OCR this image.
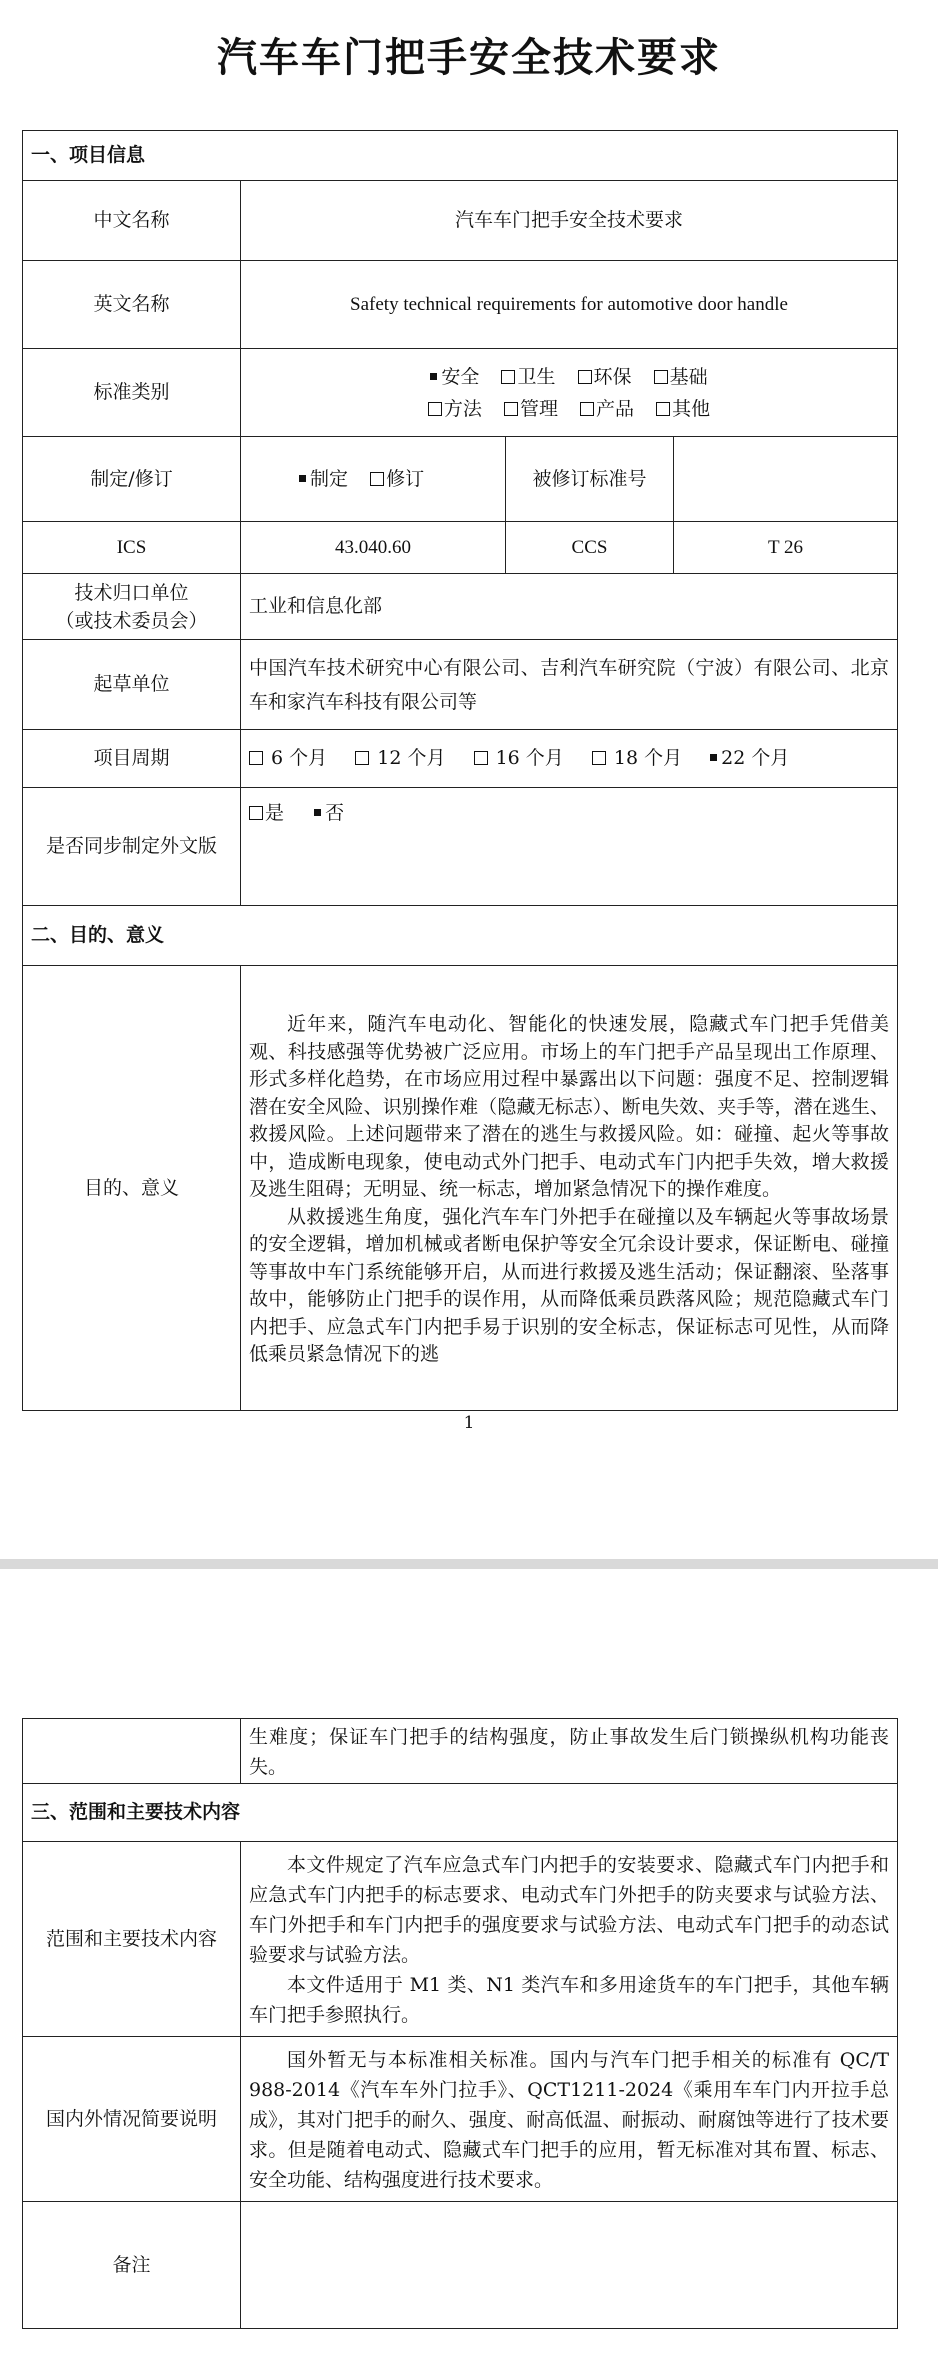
汽车车门把手安全技术要求
一、项目信息			
中文名称	汽车车门把手安全技术要求		
英文名称	Safety technical requirements for automotive door handle		
标准类别	安全 卫生 环保 基础
方法 管理 产品 其他		

制定/修订	制定 修订	被修订标准号	
ICS	43.040.60	CCS	T 26

技术归口单位
（或技术委员会）	工业和信息化部		
起草单位	中国汽车技术研究中心有限公司、吉利汽车研究院（宁波）有限公司、北京车和家汽车科技有限公司等		
项目周期	6 个月 12 个月 16 个月 18 个月 22 个月		
是否同步制定外文版	是 否		
二、目的、意义			
目的、意义	近年来，随汽车电动化、智能化的快速发展，隐藏式车门把手凭借美观、科技感强等优势被广泛应用。市场上的车门把手产品呈现出工作原理、形式多样化趋势，在市场应用过程中暴露出以下问题：强度不足、控制逻辑潜在安全风险、识别操作难（隐藏无标志）、断电失效、夹手等，潜在逃生、救援风险。上述问题带来了潜在的逃生与救援风险。如：碰撞、起火等事故中，造成断电现象，使电动式外门把手、电动式车门内把手失效，增大救援及逃生阻碍；无明显、统一标志，增加紧急情况下的操作难度。

从救援逃生角度，强化汽车车门外把手在碰撞以及车辆起火等事故场景的安全逻辑，增加机械或者断电保护等安全冗余设计要求，保证断电、碰撞等事故中车门系统能够开启，从而进行救援及逃生活动；保证翻滚、坠落事故中，能够防止门把手的误作用，从而降低乘员跌落风险；规范隐藏式车门内把手、应急式车门内把手易于识别的安全标志，保证标志可见性，从而降低乘员紧急情况下的逃		

1
	生难度；保证车门把手的结构强度，防止事故发生后门锁操纵机构功能丧失。
三、范围和主要技术内容	
范围和主要技术内容	本文件规定了汽车应急式车门内把手的安装要求、隐藏式车门内把手和应急式车门内把手的标志要求、电动式车门外把手的防夹要求与试验方法、车门外把手和车门内把手的强度要求与试验方法、电动式车门把手的动态试验要求与试验方法。

本文件适用于 M1 类、N1 类汽车和多用途货车的车门把手，其他车辆车门把手参照执行。

国内外情况简要说明	国外暂无与本标准相关标准。国内与汽车门把手相关的标准有 QC/T 988-2014《汽车车外门拉手》、QCT1211-2024《乘用车车门内开拉手总成》，其对门把手的耐久、强度、耐高低温、耐振动、耐腐蚀等进行了技术要求。但是随着电动式、隐藏式车门把手的应用，暂无标准对其布置、标志、安全功能、结构强度进行技术要求。

备注	
